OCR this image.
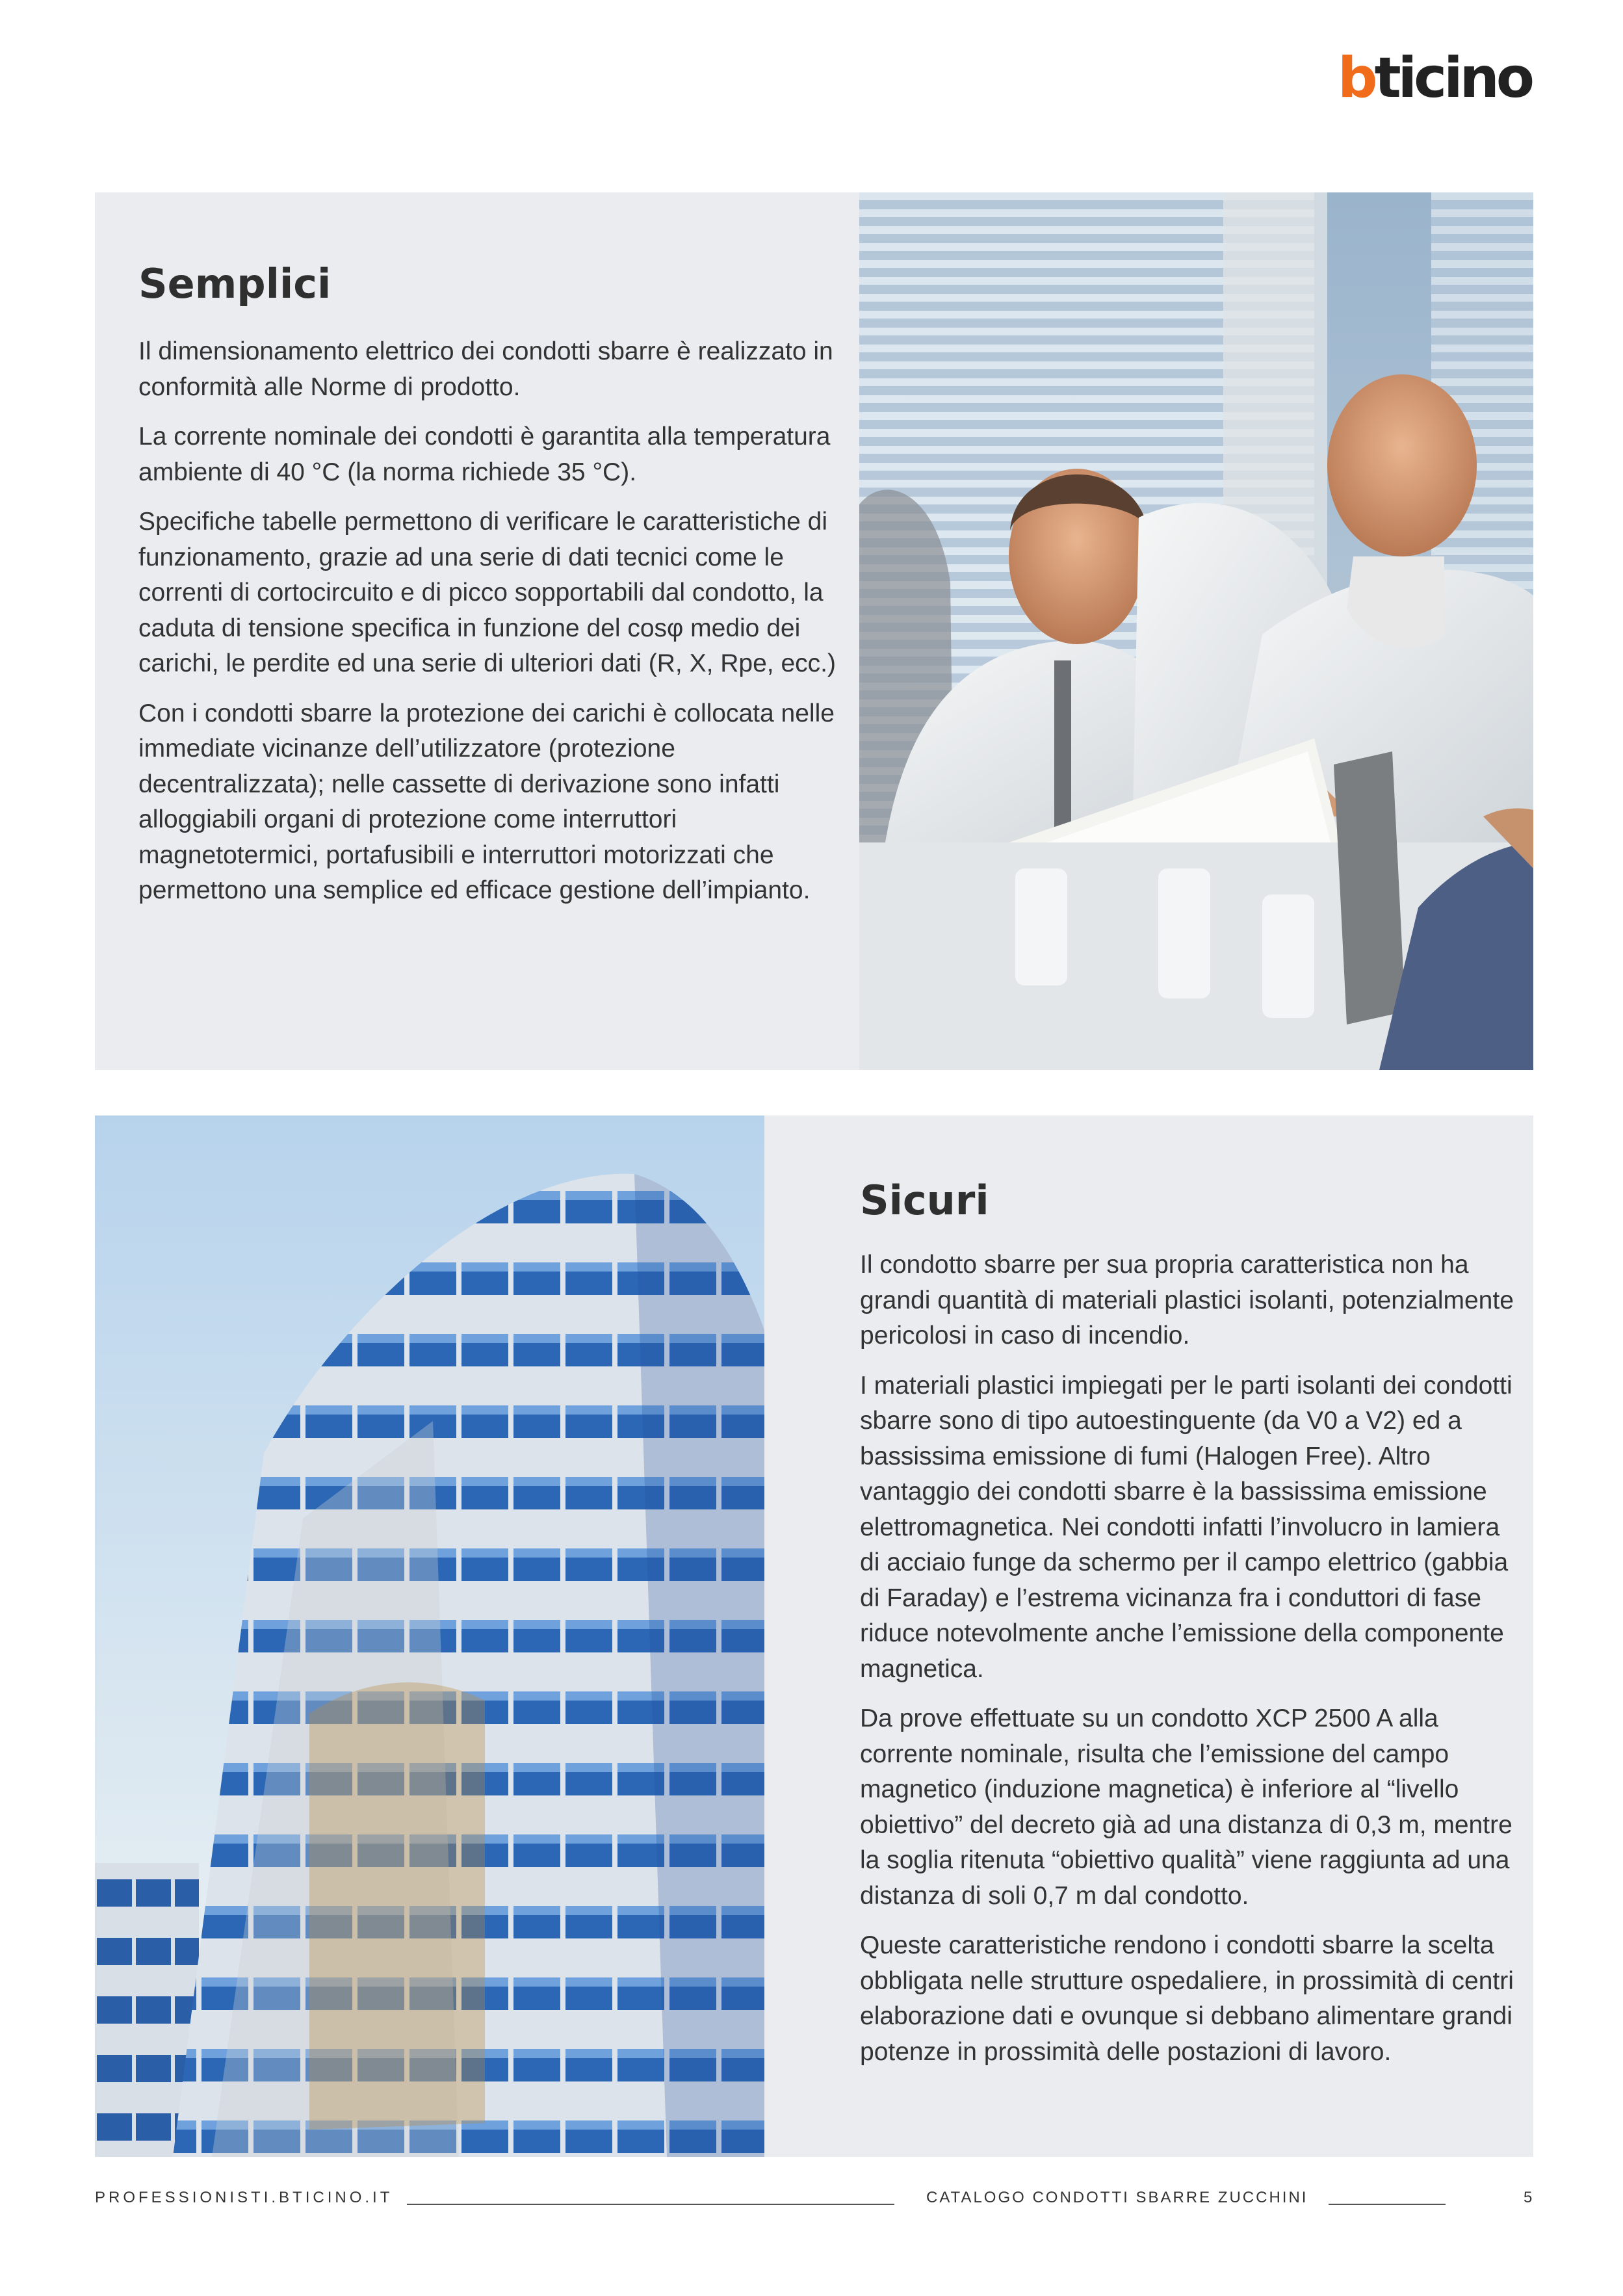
bticino
Semplici

Il dimensionamento elettrico dei condotti sbarre è realizzato in conformità alle Norme di prodotto.

La corrente nominale dei condotti è garantita alla temperatura ambiente di 40 °C (la norma richiede 35 °C).

Specifiche tabelle permettono di verificare le caratteristiche di funzionamento, grazie ad una serie di dati tecnici come le correnti di cortocircuito e di picco sopportabili dal condotto, la caduta di tensione specifica in funzione del cosφ medio dei carichi, le perdite ed una serie di ulteriori dati (R, X, Rpe, ecc.)

Con i condotti sbarre la protezione dei carichi è collocata nelle immediate vicinanze dell’utilizzatore (protezione decentralizzata); nelle cassette di derivazione sono infatti alloggiabili organi di protezione come interruttori magnetotermici, portafusibili e interruttori motorizzati che permettono una semplice ed efficace gestione dell’impianto.

Sicuri

Il condotto sbarre per sua propria caratteristica non ha grandi quantità di materiali plastici isolanti, potenzialmente pericolosi in caso di incendio.

I materiali plastici impiegati per le parti isolanti dei condotti sbarre sono di tipo autoestinguente (da V0 a V2) ed a bassissima emissione di fumi (Halogen Free). Altro vantaggio dei condotti sbarre è la bassissima emissione elettromagnetica. Nei condotti infatti l’involucro in lamiera di acciaio funge da schermo per il campo elettrico (gabbia di Faraday) e l’estrema vicinanza fra i conduttori di fase riduce notevolmente anche l’emissione della componente magnetica.

Da prove effettuate su un condotto XCP 2500 A alla corrente nominale, risulta che l’emissione del campo magnetico (induzione magnetica) è inferiore al “livello obiettivo” del decreto già ad una distanza di 0,3 m, mentre la soglia ritenuta “obiettivo qualità” viene raggiunta ad una distanza di soli 0,7 m dal condotto.

Queste caratteristiche rendono i condotti sbarre la scelta obbligata nelle strutture ospedaliere, in prossimità di centri elaborazione dati e ovunque si debbano alimentare grandi potenze in prossimità delle postazioni di lavoro.

PROFESSIONISTI.BTICINO.IT	CATALOGO CONDOTTI SBARRE ZUCCHINI	5
